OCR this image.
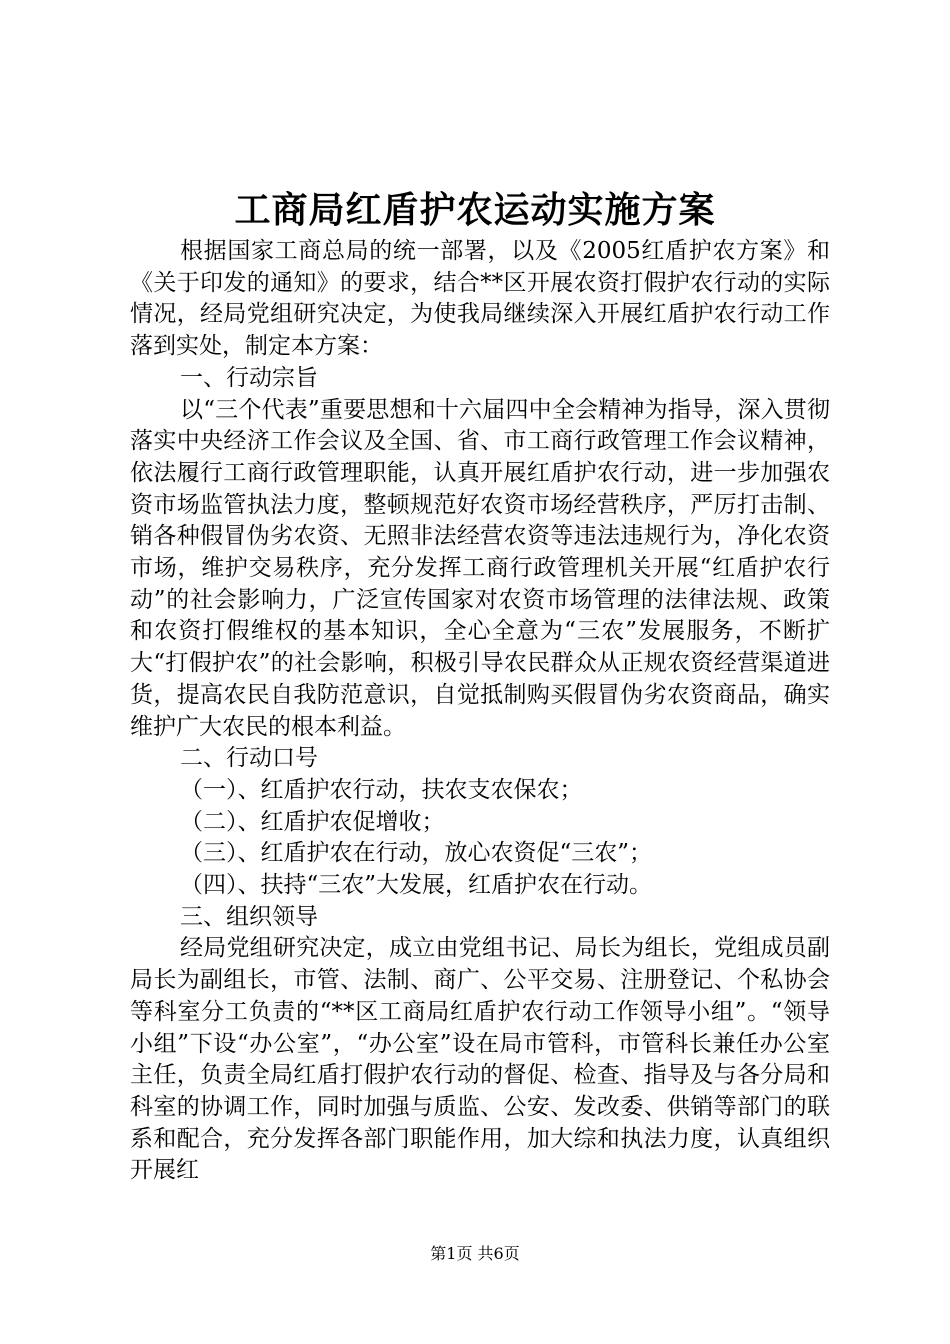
工商局红盾护农运动实施方案

根据国家工商总局的统一部署，以及《2005红盾护农方案》和《关于印发的通知》的要求，结合**区开展农资打假护农行动的实际情况，经局党组研究决定，为使我局继续深入开展红盾护农行动工作落到实处，制定本方案：

一、行动宗旨

以“三个代表”重要思想和十六届四中全会精神为指导，深入贯彻落实中央经济工作会议及全国、省、市工商行政管理工作会议精神，依法履行工商行政管理职能，认真开展红盾护农行动，进一步加强农资市场监管执法力度，整顿规范好农资市场经营秩序，严厉打击制、销各种假冒伪劣农资、无照非法经营农资等违法违规行为，净化农资市场，维护交易秩序，充分发挥工商行政管理机关开展“红盾护农行动”的社会影响力，广泛宣传国家对农资市场管理的法律法规、政策和农资打假维权的基本知识，全心全意为“三农”发展服务，不断扩大“打假护农”的社会影响，积极引导农民群众从正规农资经营渠道进货，提高农民自我防范意识，自觉抵制购买假冒伪劣农资商品，确实维护广大农民的根本利益。

二、行动口号

（一）、红盾护农行动，扶农支农保农；

（二）、红盾护农促增收；

（三）、红盾护农在行动，放心农资促“三农”；

（四）、扶持“三农”大发展，红盾护农在行动。

三、组织领导

经局党组研究决定，成立由党组书记、局长为组长，党组成员副局长为副组长，市管、法制、商广、公平交易、注册登记、个私协会等科室分工负责的“**区工商局红盾护农行动工作领导小组”。“领导小组”下设“办公室”，“办公室”设在局市管科，市管科长兼任办公室主任，负责全局红盾打假护农行动的督促、检查、指导及与各分局和科室的协调工作，同时加强与质监、公安、发改委、供销等部门的联系和配合，充分发挥各部门职能作用，加大综和执法力度，认真组织开展红

第1页 共6页
